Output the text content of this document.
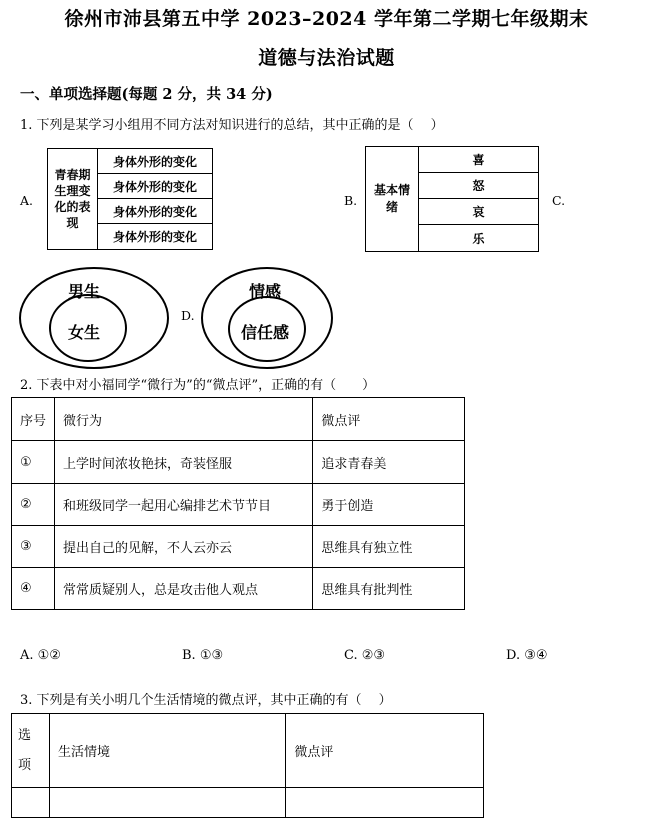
徐州市沛县第五中学 2023–2024 学年第二学期七年级期末
道德与法治试题
一、单项选择题(每题 2 分，共 34 分)
1. 下列是某学习小组用不同方法对知识进行的总结，其中正确的是（　 ）
A.
青春期生理变化的表现
身体外形的变化
身体外形的变化
身体外形的变化
身体外形的变化
B.
基本情绪
喜
怒
哀
乐
C.
男生
女生
D.
情感
信任感
2. 下表中对小福同学“微行为”的“微点评”，正确的有（　　）
序号	微行为	微点评
①	上学时间浓妆艳抹，奇装怪服	追求青春美
②	和班级同学一起用心编排艺术节节目	勇于创造
③	提出自己的见解，不人云亦云	思维具有独立性
④	常常质疑别人，总是攻击他人观点	思维具有批判性
A. ①②	B. ①③	C. ②③	D. ③④
3. 下列是有关小明几个生活情境的微点评，其中正确的有（　 ）
选项	生活情境	微点评
